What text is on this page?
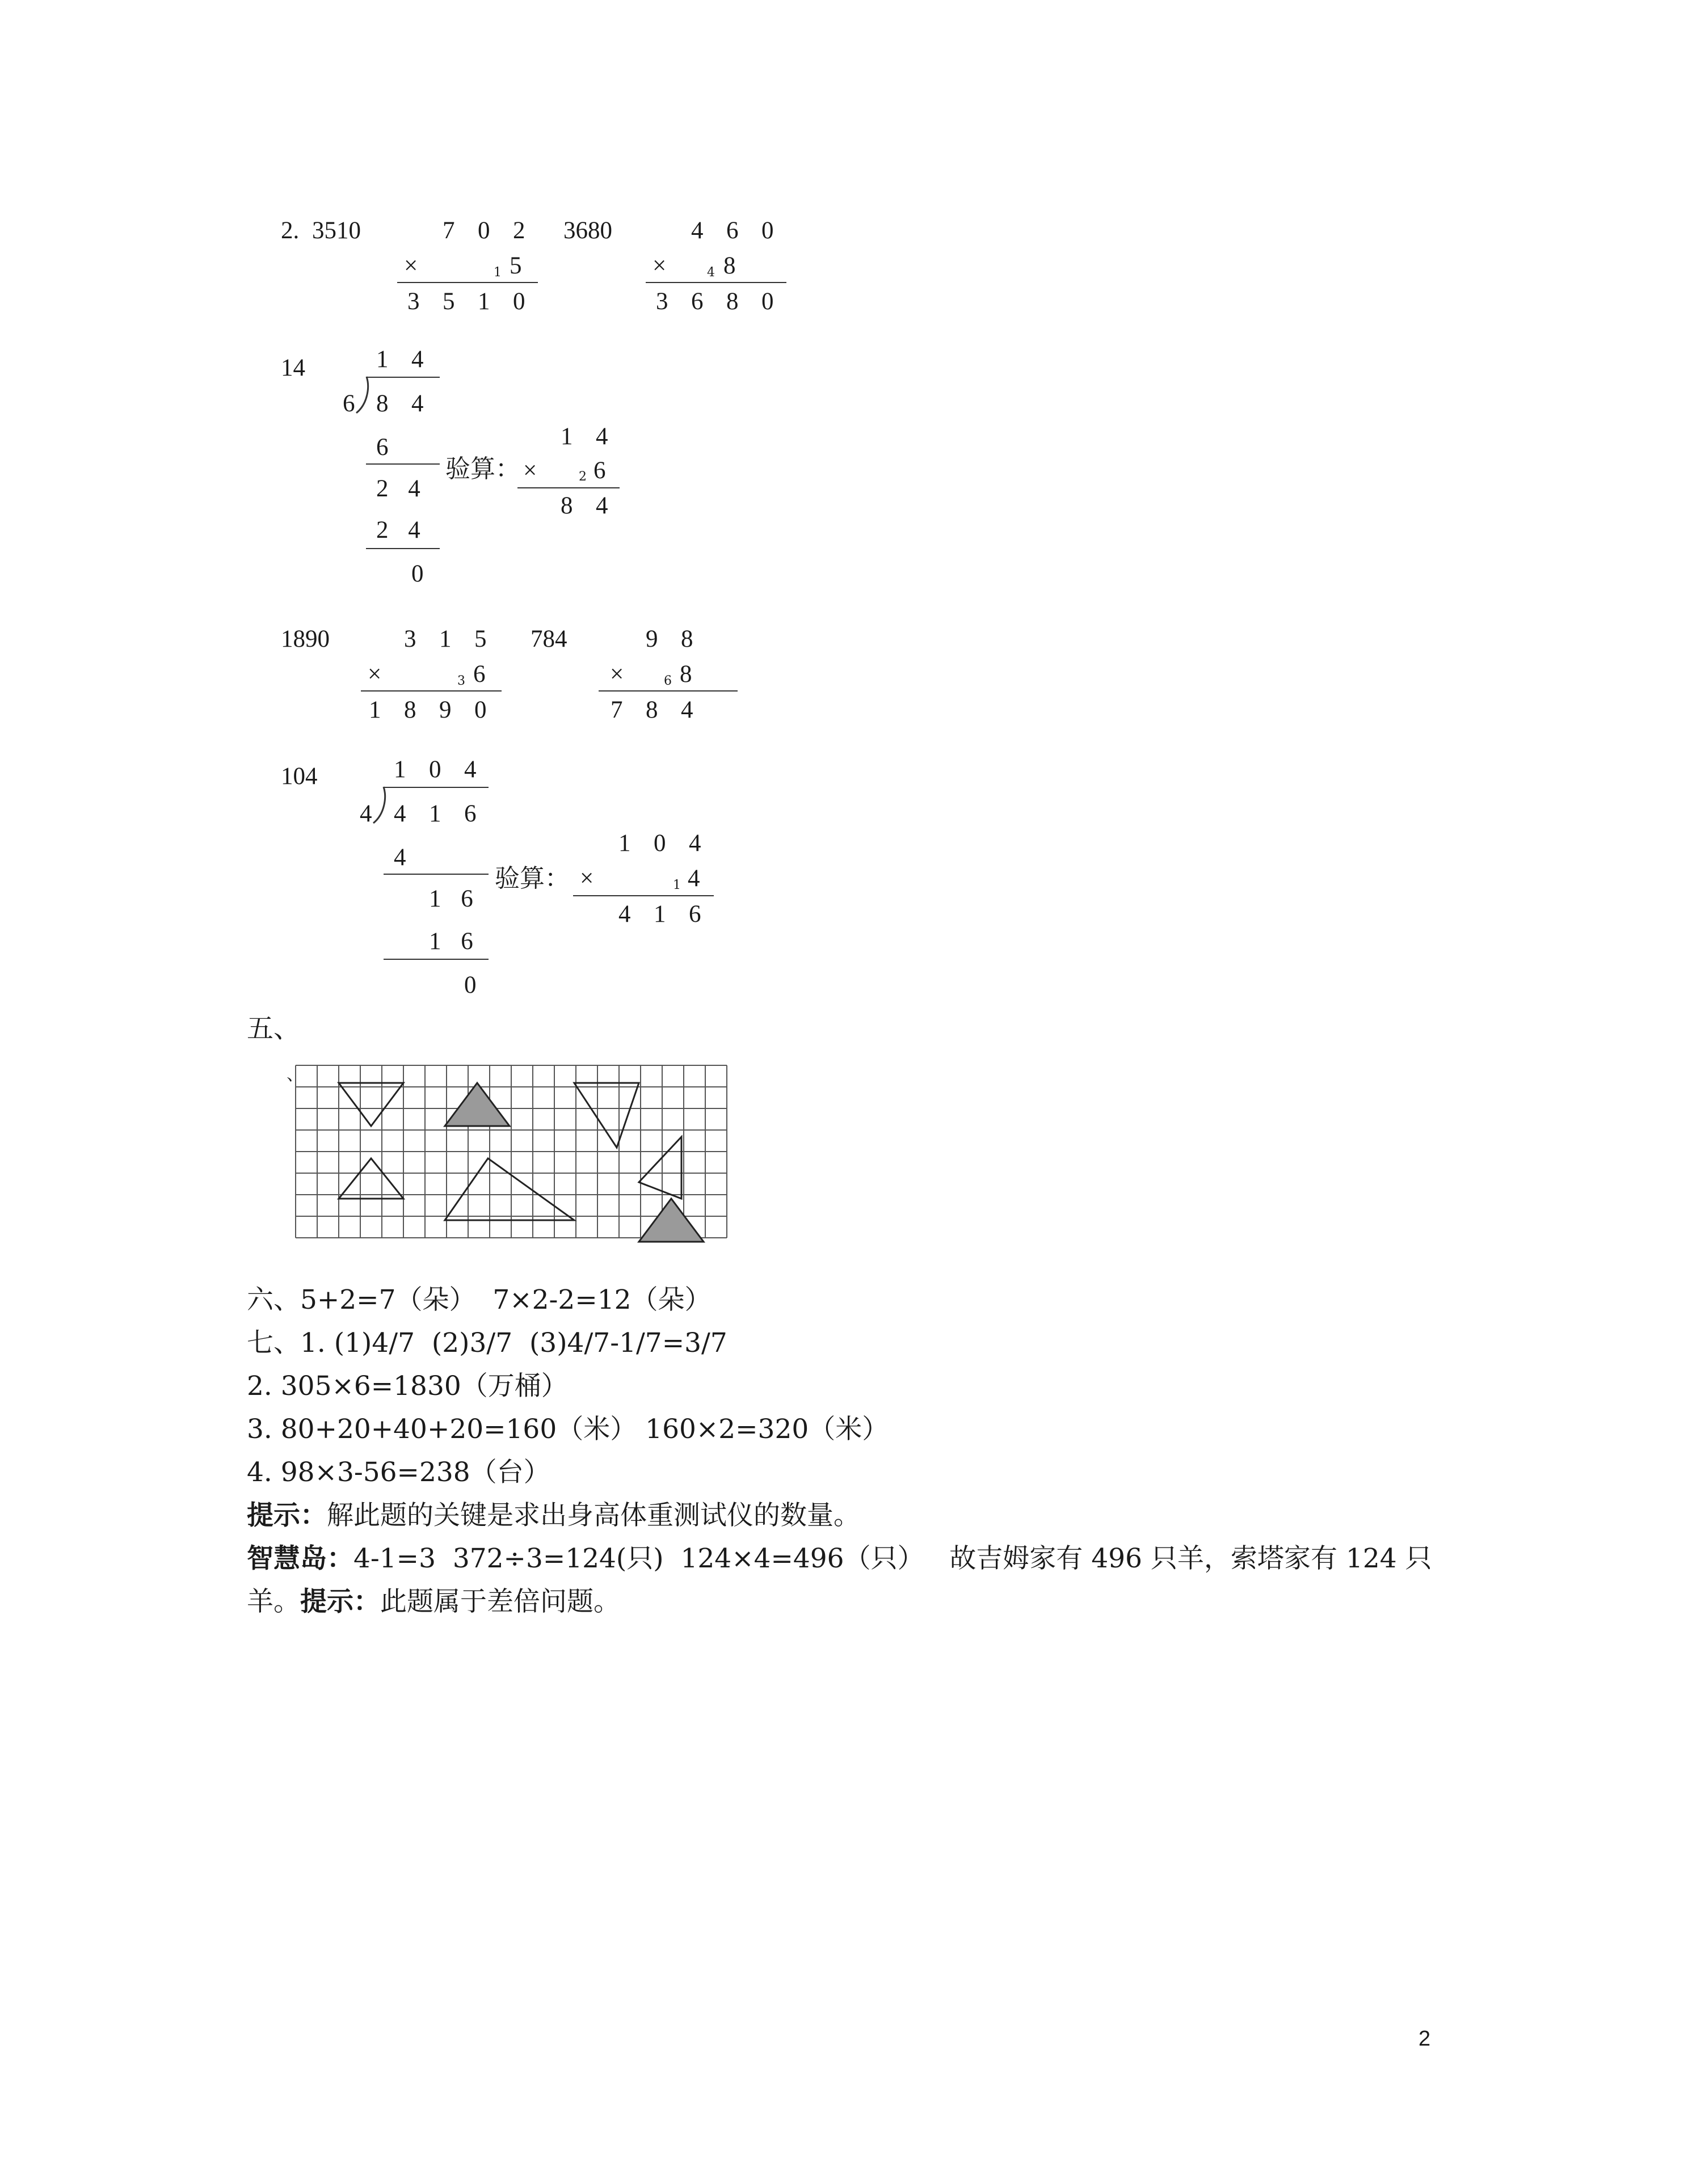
2. 3510	7 0 2
×	1 5
3 5 1 0
3680	4 6 0
×	4 8
3 6 8 0
14	1 4
6 8 4
6
2 4
2 4
0
验算：
1 4
×	2 6
8 4
1890	3 1 5
×	3 6
1 8 9 0
784	9 8
×	6 8
7 8 4
104	1 0 4
4 4 1 6
4
1 6
1 6
0
验算：
1 0 4
×	1 4
4 1 6
五、
、
六、5+2=7（朵）  7×2-2=12（朵）
七、1. (1)4/7  (2)3/7  (3)4/7-1/7=3/7
2. 305×6=1830（万桶）
3. 80+20+40+20=160（米） 160×2=320（米）
4. 98×3-56=238（台）
提示：解此题的关键是求出身高体重测试仪的数量。
智慧岛：4-1=3  372÷3=124(只)  124×4=496（只）   故吉姆家有 496 只羊，索塔家有 124 只
羊。提示：此题属于差倍问题。
2
